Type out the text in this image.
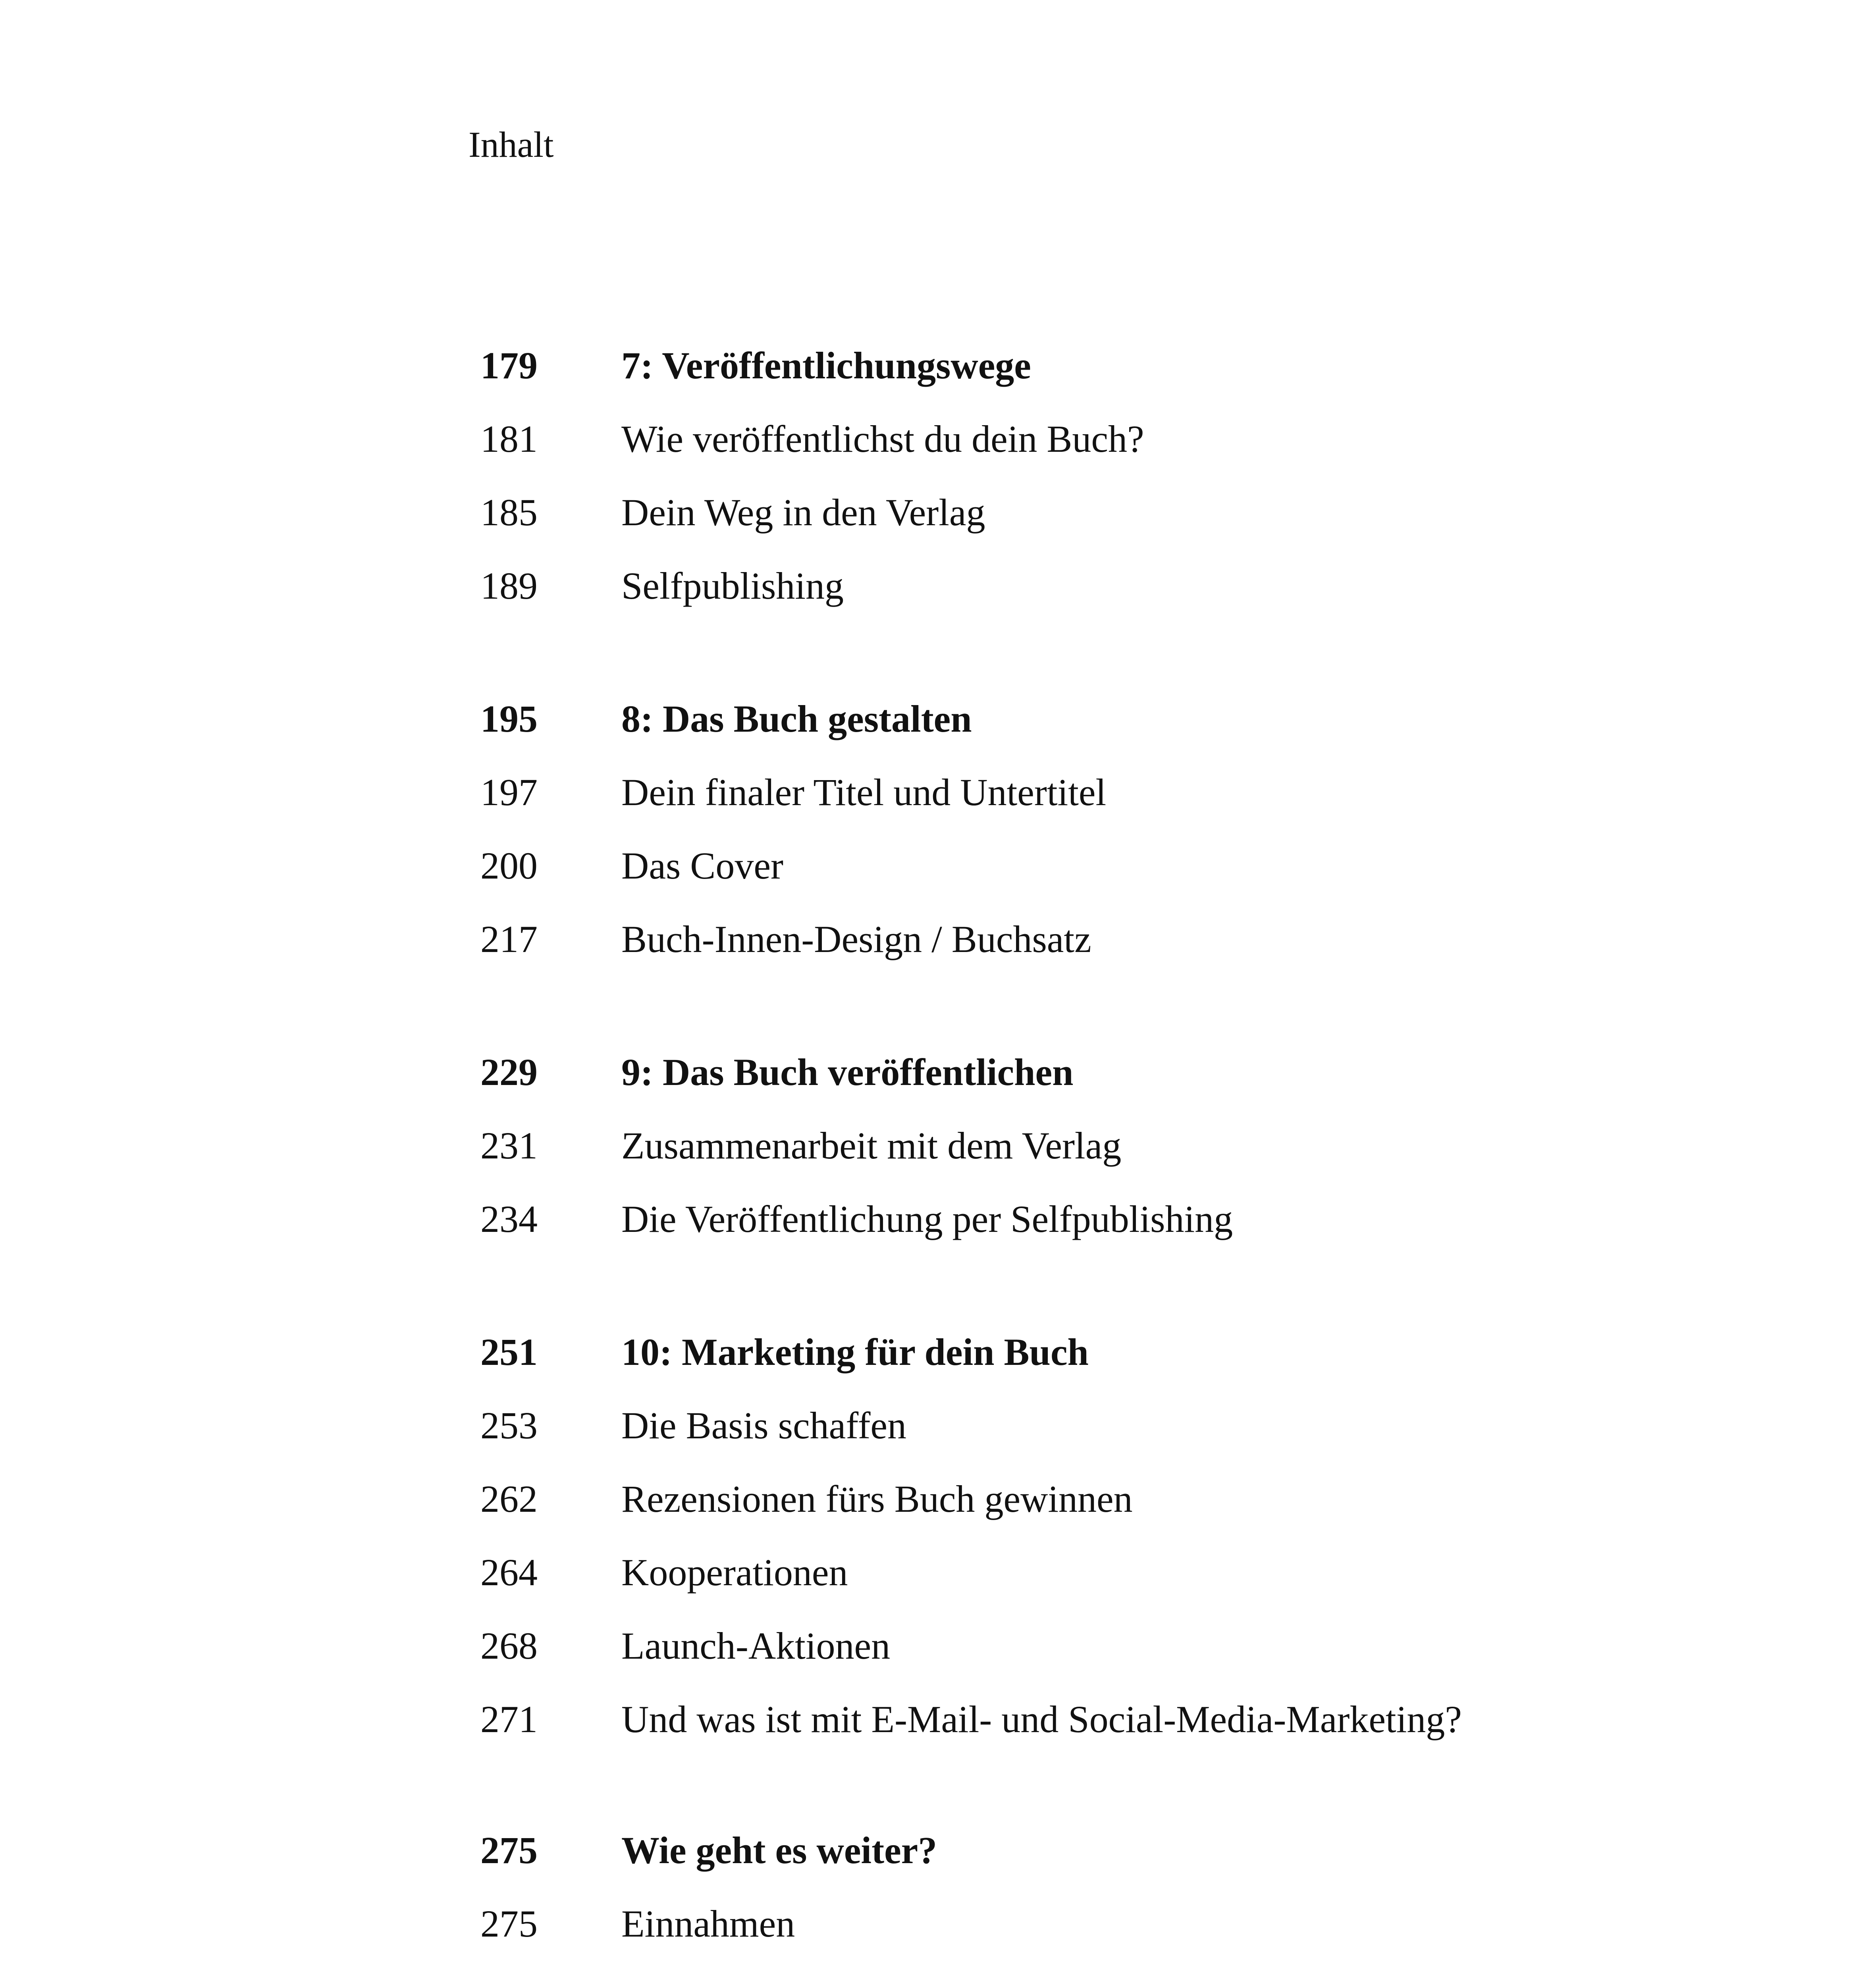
Inhalt
179 7: Veröffentlichungswege
181 Wie veröffentlichst du dein Buch?
185 Dein Weg in den Verlag
189 Selfpublishing
195 8: Das Buch gestalten
197 Dein finaler Titel und Untertitel
200 Das Cover
217 Buch-Innen-Design / Buchsatz
229 9: Das Buch veröffentlichen
231 Zusammenarbeit mit dem Verlag
234 Die Veröffentlichung per Selfpublishing
251 10: Marketing für dein Buch
253 Die Basis schaffen
262 Rezensionen fürs Buch gewinnen
264 Kooperationen
268 Launch-Aktionen
271 Und was ist mit E-Mail- und Social-Media-Marketing?
275 Wie geht es weiter?
275 Einnahmen
